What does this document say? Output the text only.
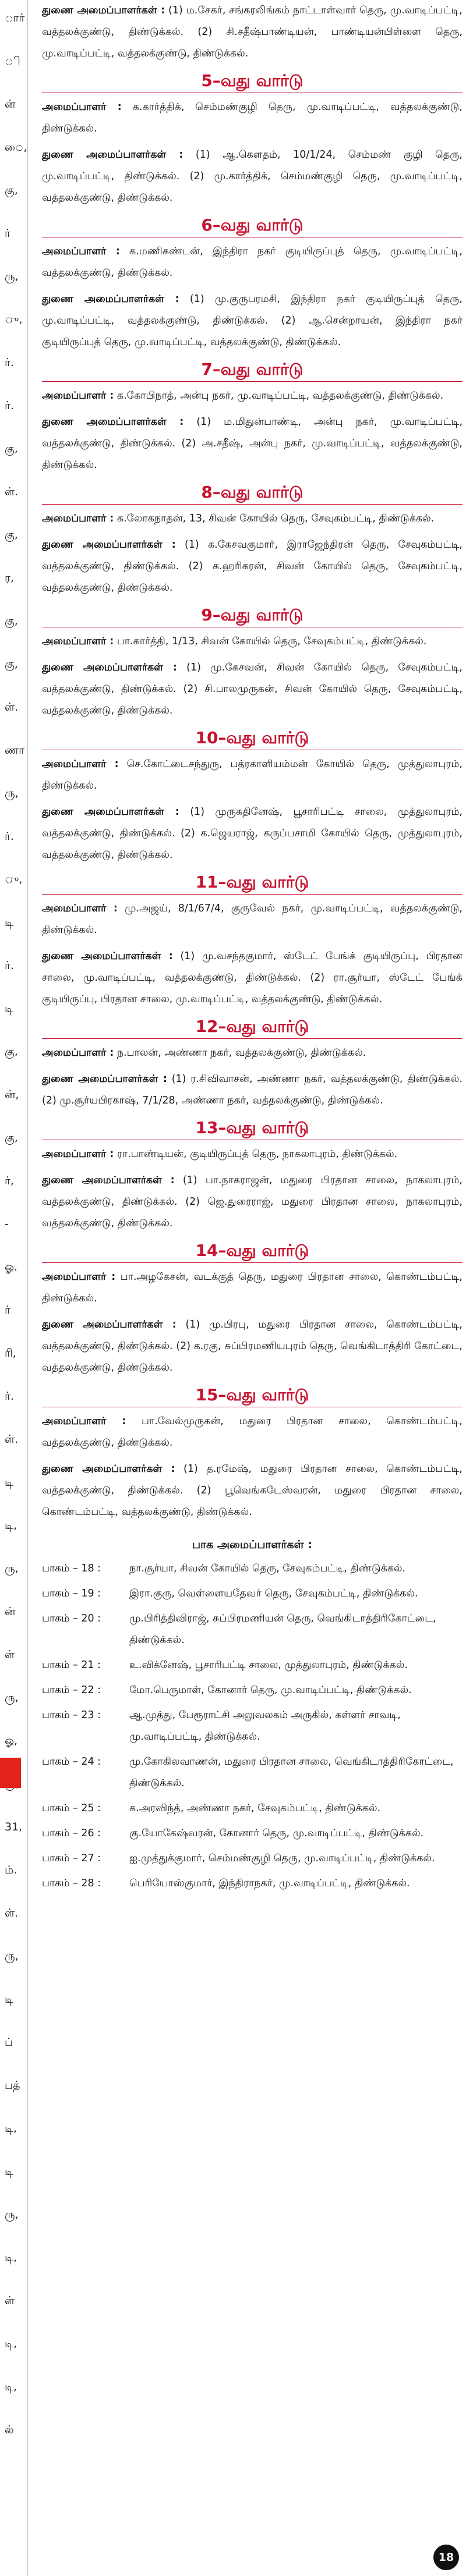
ார்
ி
ன்
ை,
கு,
ர்
ரு,
ு,
ர்.
ர்.
கு,
ள்.
கு,
ர,
கு,
கு,
ள்.
ணா
ரு,
ர்.
ு,
டி
ர்.
டி
கு,
ன்,
கு,
ர்,
-
ஓ.
ர்
ரி,
ர்.
ள்.
டி
டி,
ரு,
ன்
ள்
ரு,
ஓ,
31,
ம்.
ள்.
ரு,
டி
ப்
பத்
டி,
டி
ரு,
டி,
ள்
டி,
டி,
ல்

துணை அமைப்பாளர்கள் : (1) ம.சேகர், சங்கரலிங்கம் நாட்டாள்வார் தெரு, மு.வாடிப்பட்டி, வத்தலக்குண்டு, திண்டுக்கல். (2) சி.சதீஷ்பாண்டியன், பாண்டியன்பிள்ளை தெரு, மு.வாடிப்பட்டி, வத்தலக்குண்டு, திண்டுக்கல்.

5–வது வார்டு

அமைப்பாளர் : க.கார்த்திக், செம்மண்குழி தெரு, மு.வாடிப்பட்டி, வத்தலக்குண்டு, திண்டுக்கல்.

துணை அமைப்பாளர்கள் : (1) ஆ.கௌதம், 10/1/24, செம்மண் குழி தெரு, மு.வாடிப்பட்டி, திண்டுக்கல். (2) மு.கார்த்திக், செம்மண்குழி தெரு, மு.வாடிப்பட்டி, வத்தலக்குண்டு, திண்டுக்கல்.

6–வது வார்டு

அமைப்பாளர் : க.மணிகண்டன், இந்திரா நகர் குடியிருப்புத் தெரு, மு.வாடிப்பட்டி, வத்தலக்குண்டு, திண்டுக்கல்.

துணை அமைப்பாளர்கள் : (1) மு.குருபரமசி, இந்திரா நகர் குடியிருப்புத் தெரு, மு.வாடிப்பட்டி, வத்தலக்குண்டு, திண்டுக்கல். (2) ஆ.சென்றாயன், இந்திரா நகர் குடியிருப்புத் தெரு, மு.வாடிப்பட்டி, வத்தலக்குண்டு, திண்டுக்கல்.

7–வது வார்டு

அமைப்பாளர் : க.கோபிநாத், அன்பு நகர், மு.வாடிப்பட்டி, வத்தலக்குண்டு, திண்டுக்கல்.

துணை அமைப்பாளர்கள் : (1) ம.மிதுன்பாண்டி, அன்பு நகர், மு.வாடிப்பட்டி, வத்தலக்குண்டு, திண்டுக்கல். (2) அ.சதீஷ், அன்பு நகர், மு.வாடிப்பட்டி, வத்தலக்குண்டு, திண்டுக்கல்.

8–வது வார்டு

அமைப்பாளர் : க.லோகநாதன், 13, சிவன் கோயில் தெரு, சேவுகம்பட்டி, திண்டுக்கல்.

துணை அமைப்பாளர்கள் : (1) க.கேசவகுமார், இராஜேந்திரன் தெரு, சேவுகம்பட்டி, வத்தலக்குண்டு, திண்டுக்கல். (2) க.ஹரிகரன், சிவன் கோயில் தெரு, சேவுகம்பட்டி, வத்தலக்குண்டு, திண்டுக்கல்.

9–வது வார்டு

அமைப்பாளர் : பா.கார்த்தி, 1/13, சிவன் கோயில் தெரு, சேவுகம்பட்டி, திண்டுக்கல்.

துணை அமைப்பாளர்கள் : (1) மு.கேசவன், சிவன் கோயில் தெரு, சேவுகம்பட்டி, வத்தலக்குண்டு, திண்டுக்கல். (2) சி.பாலமுருகன், சிவன் கோயில் தெரு, சேவுகம்பட்டி, வத்தலக்குண்டு, திண்டுக்கல்.

10–வது வார்டு

அமைப்பாளர் : செ.கோட்டைசந்துரு, பத்ரகாளியம்மன் கோயில் தெரு, முத்துலாபுரம், திண்டுக்கல்.

துணை அமைப்பாளர்கள் : (1) முருகதினேஷ், பூசாரிபட்டி சாலை, முத்துலாபுரம், வத்தலக்குண்டு, திண்டுக்கல். (2) க.ஜெயராஜ், கருப்பசாமி கோயில் தெரு, முத்துலாபுரம், வத்தலக்குண்டு, திண்டுக்கல்.

11–வது வார்டு

அமைப்பாளர் : மு.அஜய், 8/1/67/4, குருவேல் நகர், மு.வாடிப்பட்டி, வத்தலக்குண்டு, திண்டுக்கல்.

துணை அமைப்பாளர்கள் : (1) மு.வசந்தகுமார், ஸ்டேட் பேங்க் குடியிருப்பு, பிரதான சாலை, மு.வாடிப்பட்டி, வத்தலக்குண்டு, திண்டுக்கல். (2) ரா.சூர்யா, ஸ்டேட் பேங்க் குடியிருப்பு, பிரதான சாலை, மு.வாடிப்பட்டி, வத்தலக்குண்டு, திண்டுக்கல்.

12–வது வார்டு

அமைப்பாளர் : ந.பாலன், அண்ணா நகர், வத்தலக்குண்டு, திண்டுக்கல்.

துணை அமைப்பாளர்கள் : (1) ர.சிவிவாசன், அண்ணா நகர், வத்தலக்குண்டு, திண்டுக்கல். (2) மு.சூர்யபிரகாஷ், 7/1/28, அண்ணா நகர், வத்தலக்குண்டு, திண்டுக்கல்.

13–வது வார்டு

அமைப்பாளர் : ரா.பாண்டியன், குடியிருப்புத் தெரு, நாகலாபுரம், திண்டுக்கல்.

துணை அமைப்பாளர்கள் : (1) பா.நாகராஜன், மதுரை பிரதான சாலை, நாகலாபுரம், வத்தலக்குண்டு, திண்டுக்கல். (2) ஜெ.துரைராஜ், மதுரை பிரதான சாலை, நாகலாபுரம், வத்தலக்குண்டு, திண்டுக்கல்.

14–வது வார்டு

அமைப்பாளர் : பா.அழகேசன், வடக்குத் தெரு, மதுரை பிரதான சாலை, கொண்டம்பட்டி, திண்டுக்கல்.

துணை அமைப்பாளர்கள் : (1) மு.பிரபு, மதுரை பிரதான சாலை, கொண்டம்பட்டி, வத்தலக்குண்டு, திண்டுக்கல். (2) க.ரகு, சுப்பிரமணியபுரம் தெரு, வெங்கிடாத்திரி கோட்டை, வத்தலக்குண்டு, திண்டுக்கல்.

15–வது வார்டு

அமைப்பாளர் : பா.வேல்முருகன், மதுரை பிரதான சாலை, கொண்டம்பட்டி, வத்தலக்குண்டு, திண்டுக்கல்.

துணை அமைப்பாளர்கள் : (1) த.ரமேஷ், மதுரை பிரதான சாலை, கொண்டம்பட்டி, வத்தலக்குண்டு, திண்டுக்கல். (2) பூவெங்கடேஸ்வரன், மதுரை பிரதான சாலை, கொண்டம்பட்டி, வத்தலக்குண்டு, திண்டுக்கல்.

பாக அமைப்பாளர்கள் :
பாகம் – 18 :	நா.சூர்யா, சிவன் கோயில் தெரு, சேவுகம்பட்டி, திண்டுக்கல்.
பாகம் – 19 :	இரா.குரு, வெள்ளையதேவர் தெரு, சேவுகம்பட்டி, திண்டுக்கல்.
பாகம் – 20 :	மு.பிரித்திவிராஜ், சுப்பிரமணியன் தெரு, வெங்கிடாத்திரிகோட்டை, திண்டுக்கல்.
பாகம் – 21 :	உ.விக்னேஷ், பூசாரிபட்டி சாலை, முத்துலாபுரம், திண்டுக்கல்.
பாகம் – 22 :	மோ.பெருமாள், கோனார் தெரு, மு.வாடிப்பட்டி, திண்டுக்கல்.
பாகம் – 23 :	ஆ.முத்து, பேரூராட்சி அலுவலகம் அருகில், கள்ளர் சாவடி, மு.வாடிப்பட்டி, திண்டுக்கல்.
பாகம் – 24 :	மு.கோகிலவாணன், மதுரை பிரதான சாலை, வெங்கிடாத்திரிகோட்டை, திண்டுக்கல்.
பாகம் – 25 :	க.அரவிந்த், அண்ணா நகர், சேவுகம்பட்டி, திண்டுக்கல்.
பாகம் – 26 :	கு.யோகேஷ்வரன், கோனார் தெரு, மு.வாடிப்பட்டி, திண்டுக்கல்.
பாகம் – 27 :	ஐ.முத்துக்குமார், செம்மண்குழி தெரு, மு.வாடிப்பட்டி, திண்டுக்கல்.
பாகம் – 28 :	பெரியோஸ்குமார், இந்திராநகர், மு.வாடிப்பட்டி, திண்டுக்கல்.
18
